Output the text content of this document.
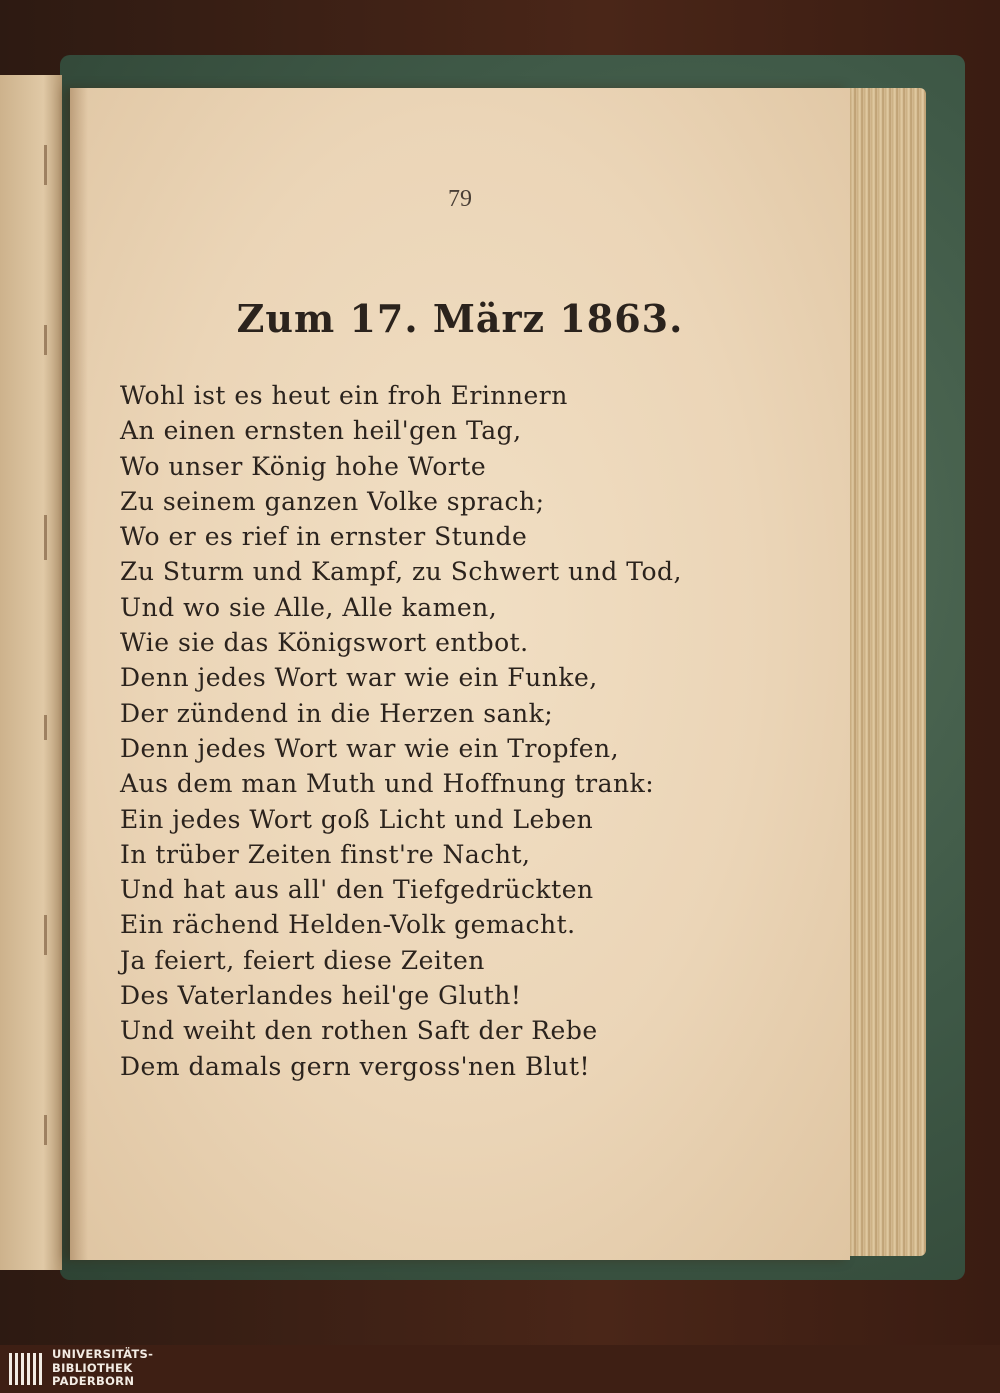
79
Zum 17. März 1863.
Wohl ist es heut ein froh Erinnern
An einen ernsten heil'gen Tag,
Wo unser König hohe Worte
Zu seinem ganzen Volke sprach;
Wo er es rief in ernster Stunde
Zu Sturm und Kampf, zu Schwert und Tod,
Und wo sie Alle, Alle kamen,
Wie sie das Königswort entbot.
Denn jedes Wort war wie ein Funke,
Der zündend in die Herzen sank;
Denn jedes Wort war wie ein Tropfen,
Aus dem man Muth und Hoffnung trank:
Ein jedes Wort goß Licht und Leben
In trüber Zeiten finst're Nacht,
Und hat aus all' den Tiefgedrückten
Ein rächend Helden-Volk gemacht.
Ja feiert, feiert diese Zeiten
Des Vaterlandes heil'ge Gluth!
Und weiht den rothen Saft der Rebe
Dem damals gern vergoss'nen Blut!
UNIVERSITÄTS-
BIBLIOTHEK
PADERBORN
